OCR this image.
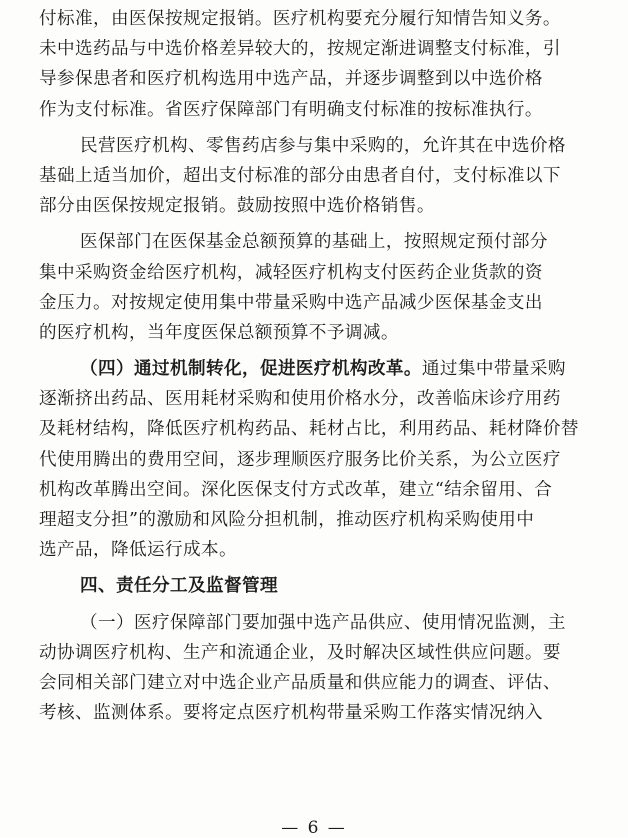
付标准，由医保按规定报销。医疗机构要充分履行知情告知义务。
未中选药品与中选价格差异较大的，按规定渐进调整支付标准，引
导参保患者和医疗机构选用中选产品，并逐步调整到以中选价格
作为支付标准。省医疗保障部门有明确支付标准的按标准执行。
民营医疗机构、零售药店参与集中采购的，允许其在中选价格
基础上适当加价，超出支付标准的部分由患者自付，支付标准以下
部分由医保按规定报销。鼓励按照中选价格销售。
医保部门在医保基金总额预算的基础上，按照规定预付部分
集中采购资金给医疗机构，减轻医疗机构支付医药企业货款的资
金压力。对按规定使用集中带量采购中选产品减少医保基金支出
的医疗机构，当年度医保总额预算不予调减。
（四）通过机制转化，促进医疗机构改革。通过集中带量采购
逐渐挤出药品、医用耗材采购和使用价格水分，改善临床诊疗用药
及耗材结构，降低医疗机构药品、耗材占比，利用药品、耗材降价替
代使用腾出的费用空间，逐步理顺医疗服务比价关系，为公立医疗
机构改革腾出空间。深化医保支付方式改革，建立“结余留用、合
理超支分担”的激励和风险分担机制，推动医疗机构采购使用中
选产品，降低运行成本。
四、责任分工及监督管理
（一）医疗保障部门要加强中选产品供应、使用情况监测，主
动协调医疗机构、生产和流通企业，及时解决区域性供应问题。要
会同相关部门建立对中选企业产品质量和供应能力的调查、评估、
考核、监测体系。要将定点医疗机构带量采购工作落实情况纳入
— 6 —
